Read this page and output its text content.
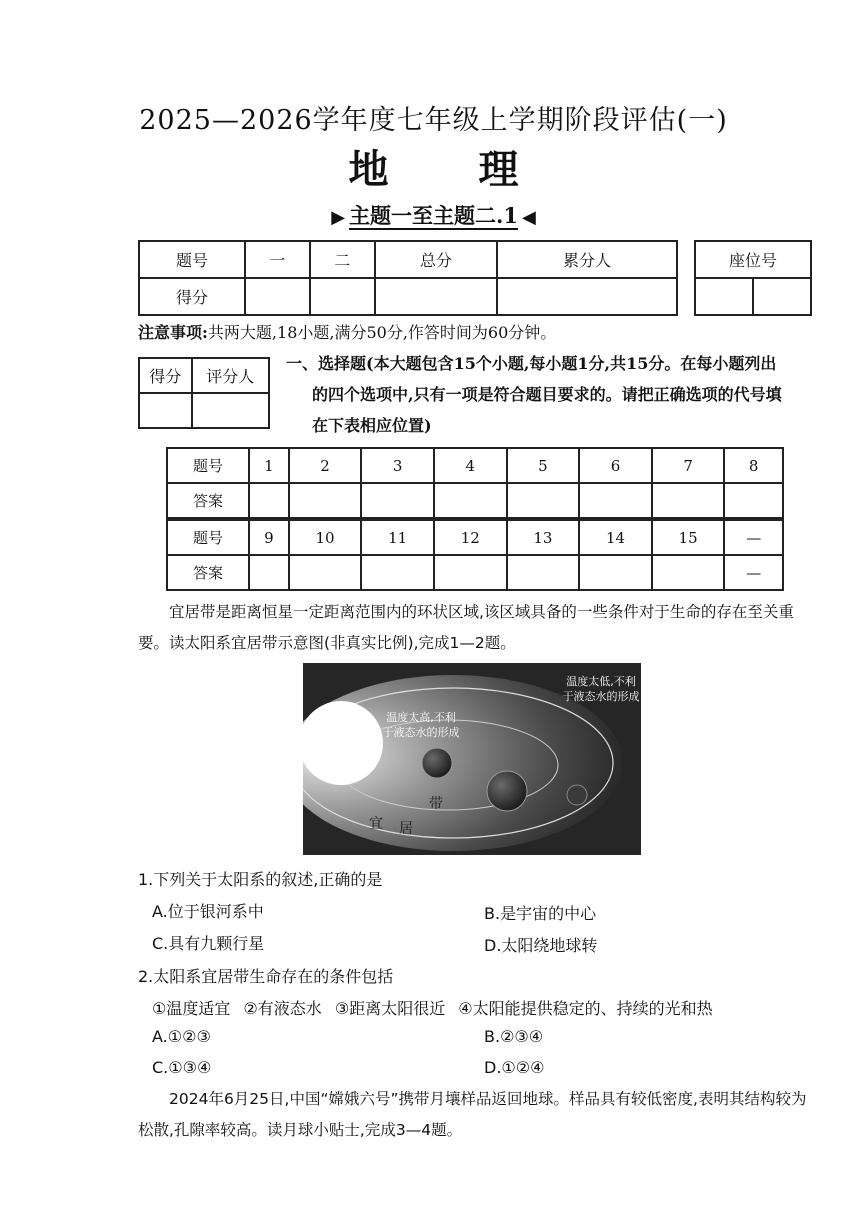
2025—2026学年度七年级上学期阶段评估(一)
地理
▶ 主题一至主题二.1 ◀
题号	一	二	总分	累分人
得分				
座位号

注意事项:共两大题,18小题,满分50分,作答时间为60分钟。
得分	评分人

一、选择题(本大题包含15个小题,每小题1分,共15分。在每小题列出

的四个选项中,只有一项是符合题目要求的。请把正确选项的代号填
在下表相应位置)
题号	1	2	3	4	5	6	7	8
答案								
题号	9	10	11	12	13	14	15	—
答案								—
宜居带是距离恒星一定距离范围内的环状区域,该区域具备的一些条件对于生命的存在至关重要。读太阳系宜居带示意图(非真实比例),完成1—2题。
温度太低,不利
于液态水的形成
温度太高,不利
于液态水的形成
宜 居
带
1.下列关于太阳系的叙述,正确的是
A.位于银河系中	B.是宇宙的中心
C.具有九颗行星	D.太阳绕地球转
2.太阳系宜居带生命存在的条件包括
①温度适宜 ②有液态水 ③距离太阳很近 ④太阳能提供稳定的、持续的光和热
A.①②③	B.②③④
C.①③④	D.①②④
2024年6月25日,中国“嫦娥六号”携带月壤样品返回地球。样品具有较低密度,表明其结构较为松散,孔隙率较高。读月球小贴士,完成3—4题。
